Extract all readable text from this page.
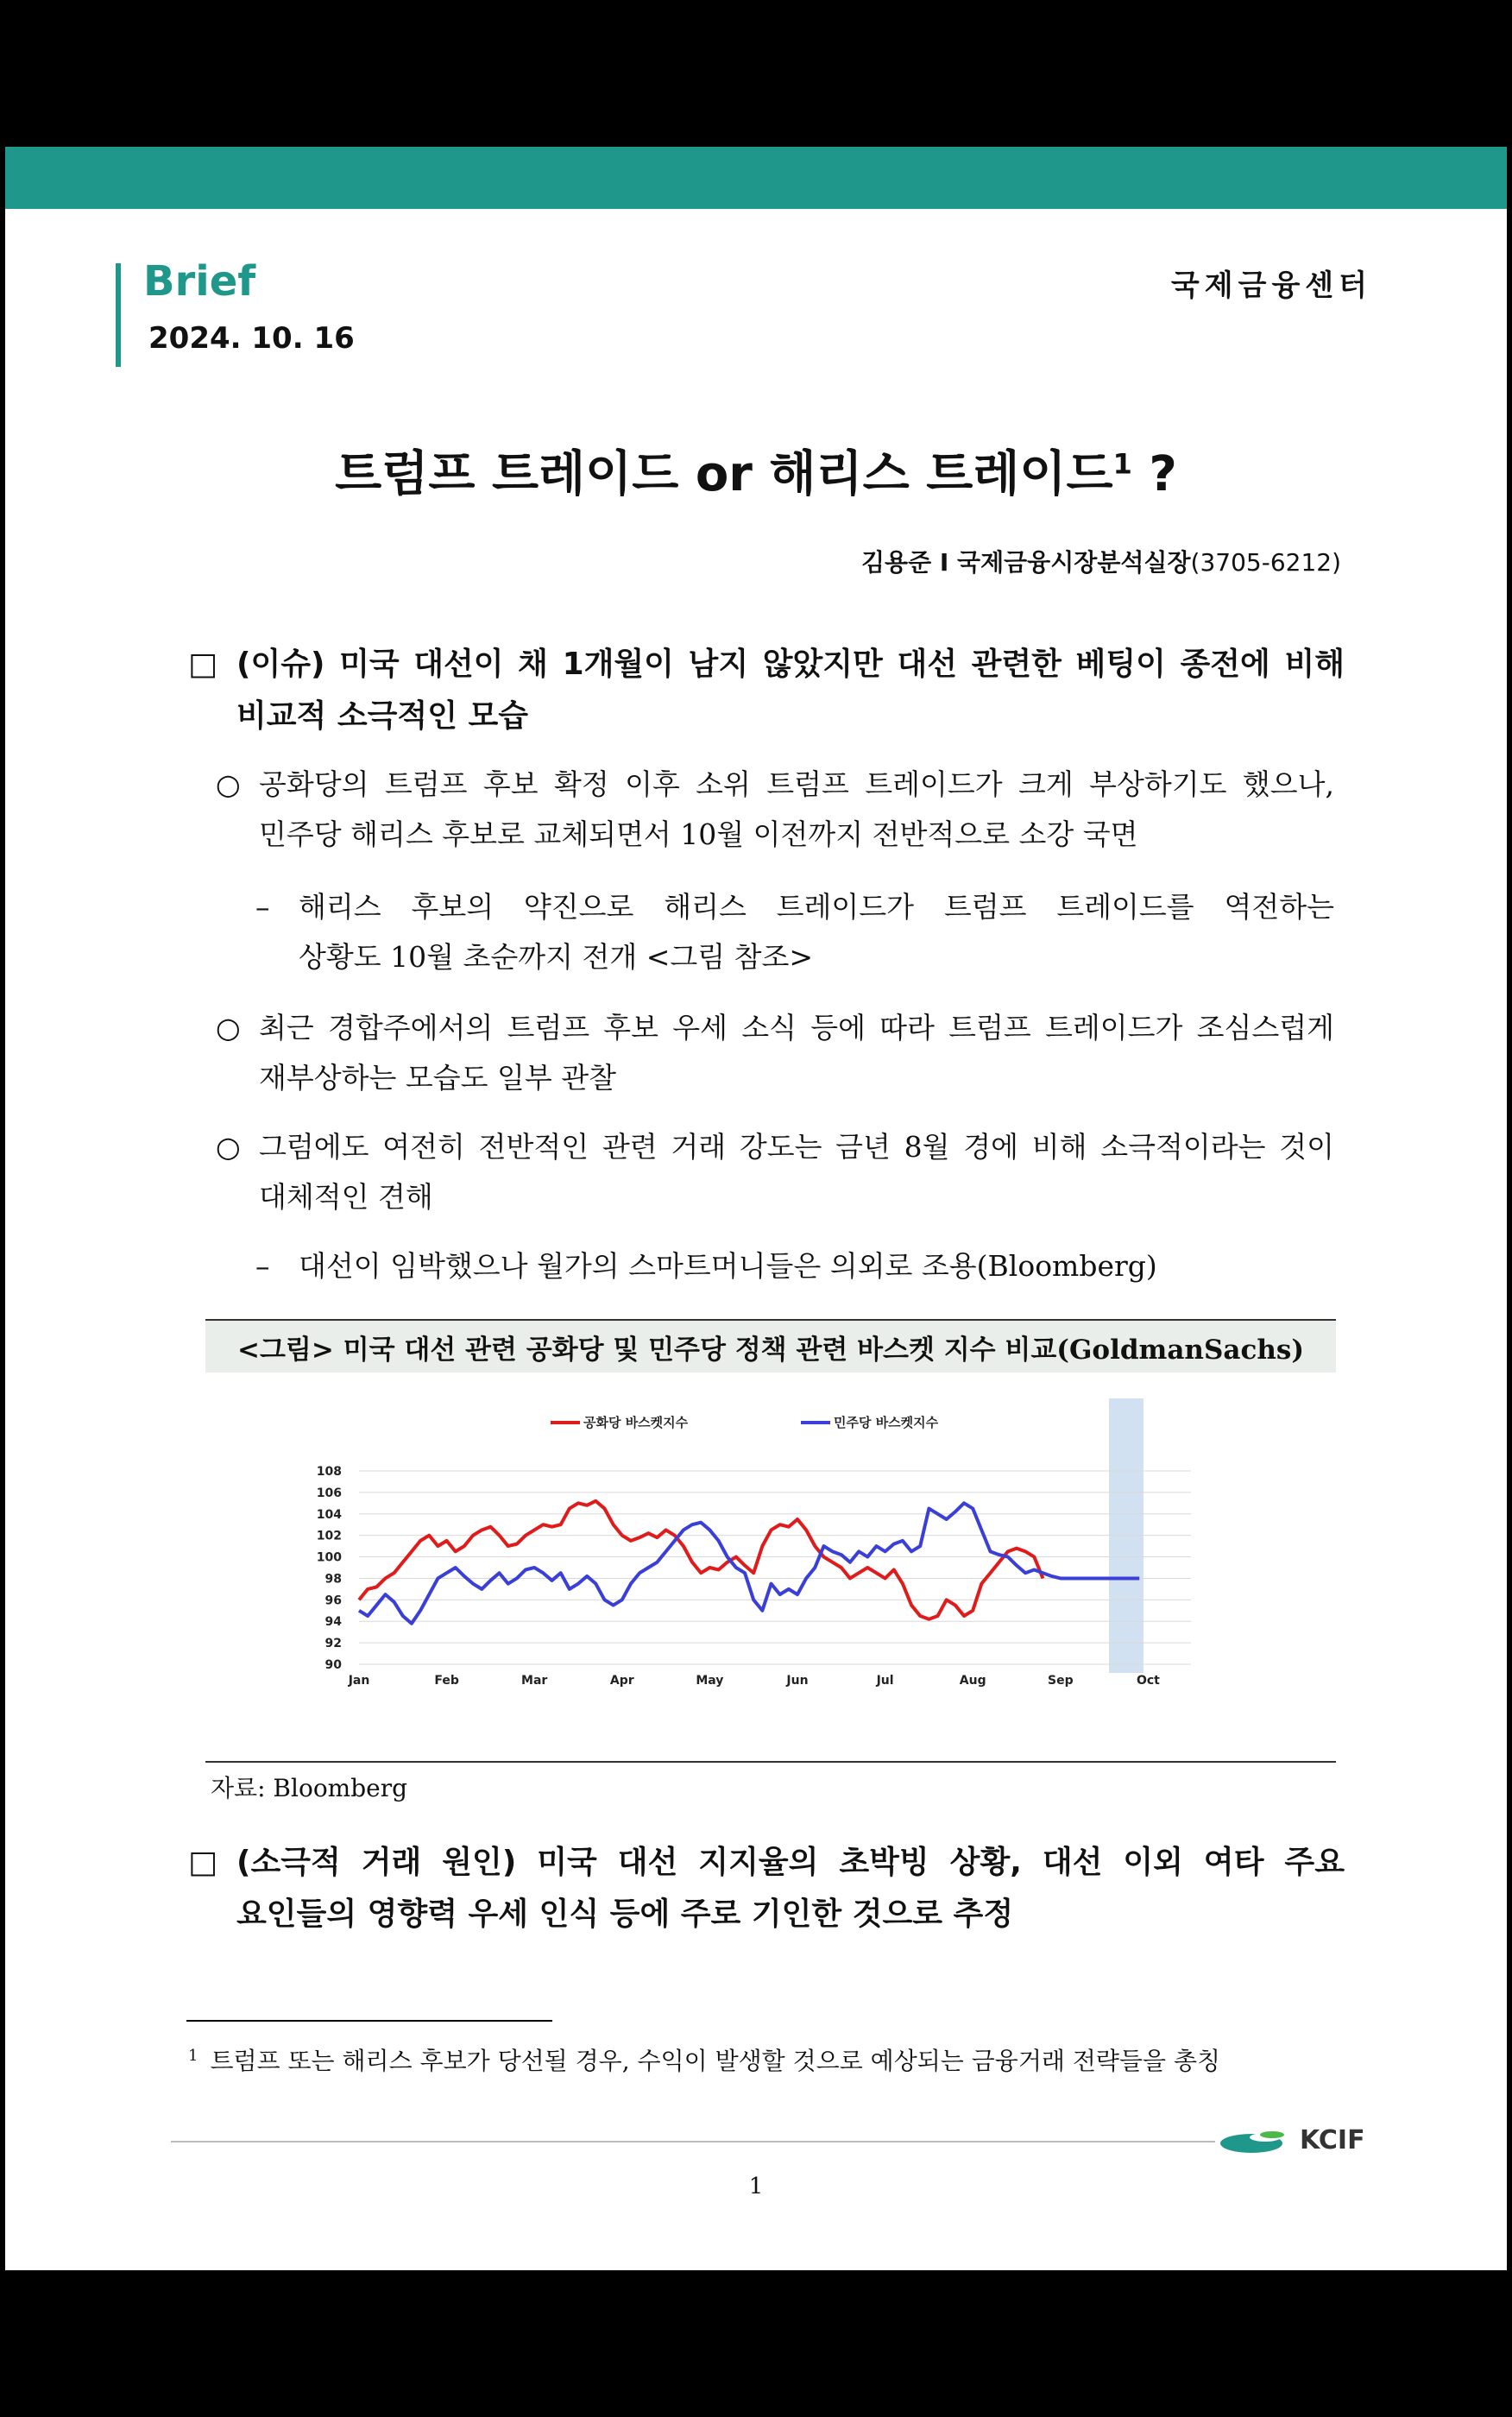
Brief
2024. 10. 16
국제금융센터
트럼프 트레이드 or 해리스 트레이드$^1$ ?
김용준 I 국제금융시장분석실장(3705-6212)
□ (이슈) 미국 대선이 채 1개월이 남지 않았지만 대선 관련한 베팅이 종전에 비해
비교적 소극적인 모습
○ 공화당의 트럼프 후보 확정 이후 소위 트럼프 트레이드가 크게 부상하기도 했으나,
민주당 해리스 후보로 교체되면서 10월 이전까지 전반적으로 소강 국면
– 해리스 후보의 약진으로 해리스 트레이드가 트럼프 트레이드를 역전하는
상황도 10월 초순까지 전개 <그림 참조>
○ 최근 경합주에서의 트럼프 후보 우세 소식 등에 따라 트럼프 트레이드가 조심스럽게
재부상하는 모습도 일부 관찰
○ 그럼에도 여전히 전반적인 관련 거래 강도는 금년 8월 경에 비해 소극적이라는 것이
대체적인 견해
– 대선이 임박했으나 월가의 스마트머니들은 의외로 조용(Bloomberg)
<그림> 미국 대선 관련 공화당 및 민주당 정책 관련 바스켓 지수 비교(GoldmanSachs)
90
92
94
96
98
100
102
104
106
108
Jan	Feb	Mar	Apr	May	Jun	Jul	Aug	Sep	Oct
공화당 바스켓지수	민주당 바스켓지수
자료: Bloomberg
□ (소극적 거래 원인) 미국 대선 지지율의 초박빙 상황, 대선 이외 여타 주요
요인들의 영향력 우세 인식 등에 주로 기인한 것으로 추정
$^1$ 트럼프 또는 해리스 후보가 당선될 경우, 수익이 발생할 것으로 예상되는 금융거래 전략들을 총칭
KCIF
1
